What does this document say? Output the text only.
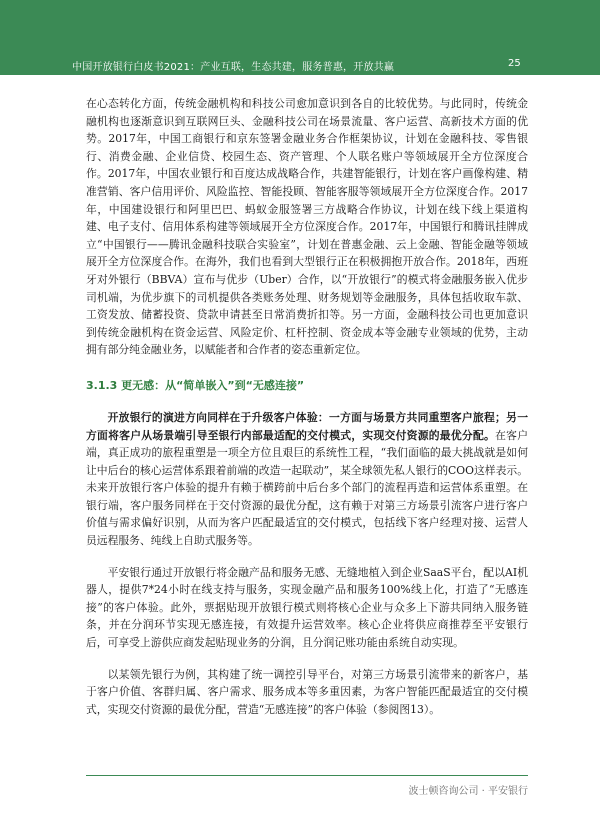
中国开放银行白皮书2021：产业互联，生态共建，服务普惠，开放共赢	25

在心态转化方面，传统金融机构和科技公司愈加意识到各自的比较优势。与此同时，传统金融机构也逐渐意识到互联网巨头、金融科技公司在场景流量、客户运营、高新技术方面的优势。2017年，中国工商银行和京东签署金融业务合作框架协议，计划在金融科技、零售银行、消费金融、企业信贷、校园生态、资产管理、个人联名账户等领域展开全方位深度合作。2017年，中国农业银行和百度达成战略合作，共建智能银行，计划在客户画像构建、精准营销、客户信用评价、风险监控、智能投顾、智能客服等领域展开全方位深度合作。2017年，中国建设银行和阿里巴巴、蚂蚁金服签署三方战略合作协议，计划在线下线上渠道构建、电子支付、信用体系构建等领域展开全方位深度合作。2017年，中国银行和腾讯挂牌成立“中国银行——腾讯金融科技联合实验室”，计划在普惠金融、云上金融、智能金融等领域展开全方位深度合作。在海外，我们也看到大型银行正在积极拥抱开放合作。2018年，西班牙对外银行（BBVA）宣布与优步（Uber）合作，以“开放银行”的模式将金融服务嵌入优步司机端，为优步旗下的司机提供各类账务处理、财务规划等金融服务，具体包括收取车款、工资发放、储蓄投资、贷款申请甚至日常消费折扣等。另一方面，金融科技公司也更加意识到传统金融机构在资金运营、风险定价、杠杆控制、资金成本等金融专业领域的优势，主动拥有部分纯金融业务，以赋能者和合作者的姿态重新定位。

3.1.3 更无感：从“简单嵌入”到“无感连接”

开放银行的演进方向同样在于升级客户体验：一方面与场景方共同重塑客户旅程；另一方面将客户从场景端引导至银行内部最适配的交付模式，实现交付资源的最优分配。在客户端，真正成功的旅程重塑是一项全方位且艰巨的系统性工程，“我们面临的最大挑战就是如何让中后台的核心运营体系跟着前端的改造一起联动”，某全球领先私人银行的COO这样表示。未来开放银行客户体验的提升有赖于横跨前中后台多个部门的流程再造和运营体系重塑。在银行端，客户服务同样在于交付资源的最优分配，这有赖于对第三方场景引流客户进行客户价值与需求偏好识别，从而为客户匹配最适宜的交付模式，包括线下客户经理对接、运营人员远程服务、纯线上自助式服务等。

平安银行通过开放银行将金融产品和服务无感、无缝地植入到企业SaaS平台，配以AI机器人，提供7*24小时在线支持与服务，实现金融产品和服务100%线上化，打造了“无感连接”的客户体验。此外，票据贴现开放银行模式则将核心企业与众多上下游共同纳入服务链条，并在分润环节实现无感连接，有效提升运营效率。核心企业将供应商推荐至平安银行后，可享受上游供应商发起贴现业务的分润，且分润记账功能由系统自动实现。

以某领先银行为例，其构建了统一调控引导平台，对第三方场景引流带来的新客户，基于客户价值、客群归属、客户需求、服务成本等多重因素，为客户智能匹配最适宜的交付模式，实现交付资源的最优分配，营造“无感连接”的客户体验（参阅图13）。

波士顿咨询公司 · 平安银行
